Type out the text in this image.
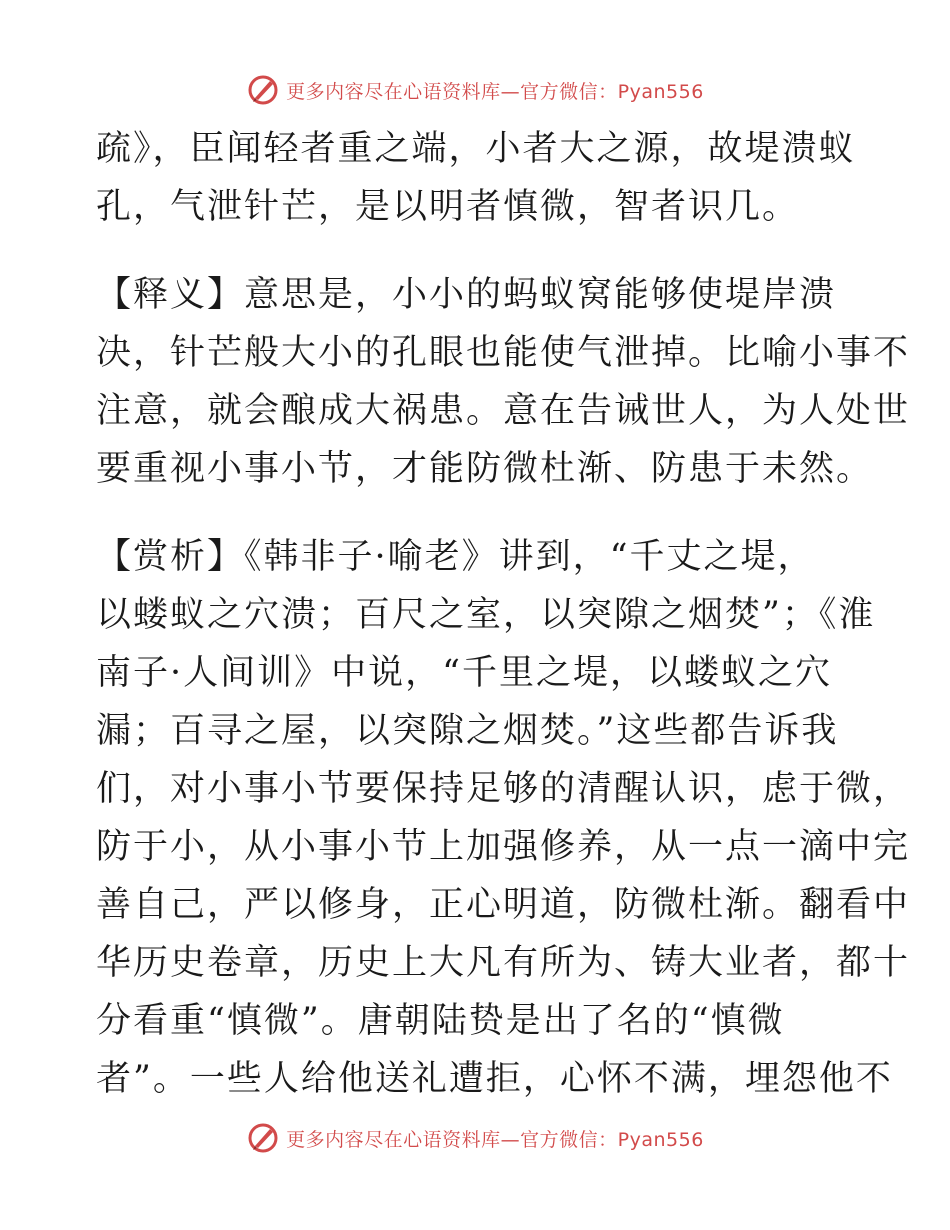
更多内容尽在心语资料库—官方微信：Pyan556
疏》，臣闻轻者重之端，小者大之源，故堤溃蚁
孔，气泄针芒，是以明者慎微，智者识几。
【释义】意思是，小小的蚂蚁窝能够使堤岸溃
决，针芒般大小的孔眼也能使气泄掉。比喻小事不
注意，就会酿成大祸患。意在告诫世人，为人处世
要重视小事小节，才能防微杜渐、防患于未然。
【赏析】《韩非子·喻老》讲到，“千丈之堤，
以蝼蚁之穴溃；百尺之室，以突隙之烟焚”；《淮
南子·人间训》中说，“千里之堤，以蝼蚁之穴
漏；百寻之屋，以突隙之烟焚。”这些都告诉我
们，对小事小节要保持足够的清醒认识，虑于微，
防于小，从小事小节上加强修养，从一点一滴中完
善自己，严以修身，正心明道，防微杜渐。翻看中
华历史卷章，历史上大凡有所为、铸大业者，都十
分看重“慎微”。唐朝陆贽是出了名的“慎微
者”。一些人给他送礼遭拒，心怀不满，埋怨他不
更多内容尽在心语资料库—官方微信：Pyan556
